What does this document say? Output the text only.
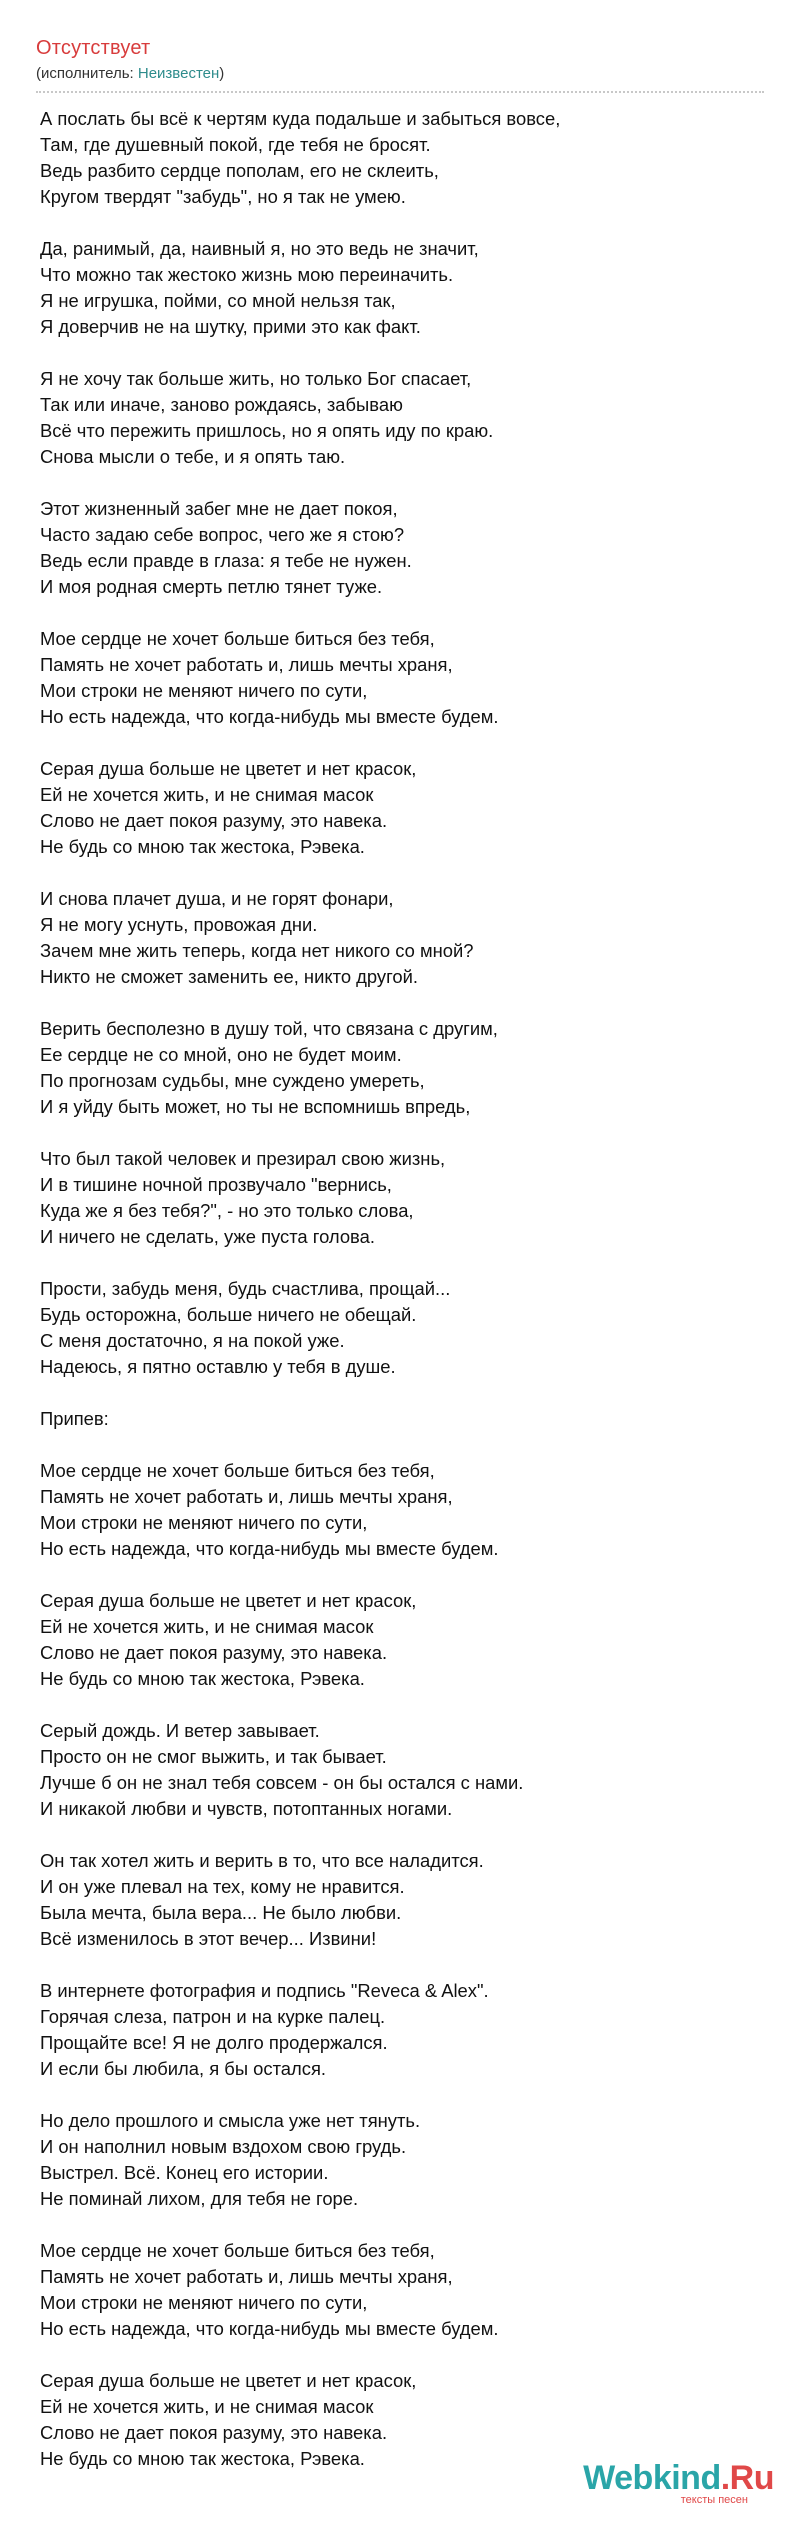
Отсутствует
(исполнитель: Неизвестен)

А послать бы всё к чертям куда подальше и забыться вовсе,
Там, где душевный покой, где тебя не бросят.
Ведь разбито сердце пополам, его не склеить,
Кругом твердят "забудь", но я так не умею.

Да, ранимый, да, наивный я, но это ведь не значит,
Что можно так жестоко жизнь мою переиначить.
Я не игрушка, пойми, со мной нельзя так,
Я доверчив не на шутку, прими это как факт.

Я не хочу так больше жить, но только Бог спасает,
Так или иначе, заново рождаясь, забываю
Всё что пережить пришлось, но я опять иду по краю.
Снова мысли о тебе, и я опять таю.

Этот жизненный забег мне не дает покоя,
Часто задаю себе вопрос, чего же я стою?
Ведь если правде в глаза: я тебе не нужен.
И моя родная смерть петлю тянет туже.

Мое сердце не хочет больше биться без тебя,
Память не хочет работать и, лишь мечты храня,
Мои строки не меняют ничего по сути,
Но есть надежда, что когда-нибудь мы вместе будем.

Серая душа больше не цветет и нет красок,
Ей не хочется жить, и не снимая масок
Слово не дает покоя разуму, это навека.
Не будь со мною так жестока, Рэвека.

И снова плачет душа, и не горят фонари,
Я не могу уснуть, провожая дни.
Зачем мне жить теперь, когда нет никого со мной?
Никто не сможет заменить ее, никто другой.

Верить бесполезно в душу той, что связана с другим,
Ее сердце не со мной, оно не будет моим.
По прогнозам судьбы, мне суждено умереть,
И я уйду быть может, но ты не вспомнишь впредь,

Что был такой человек и презирал свою жизнь,
И в тишине ночной прозвучало "вернись,
Куда же я без тебя?", - но это только слова,
И ничего не сделать, уже пуста голова.

Прости, забудь меня, будь счастлива, прощай...
Будь осторожна, больше ничего не обещай.
С меня достаточно, я на покой уже.
Надеюсь, я пятно оставлю у тебя в душе.

Припев:

Мое сердце не хочет больше биться без тебя,
Память не хочет работать и, лишь мечты храня,
Мои строки не меняют ничего по сути,
Но есть надежда, что когда-нибудь мы вместе будем.

Серая душа больше не цветет и нет красок,
Ей не хочется жить, и не снимая масок
Слово не дает покоя разуму, это навека.
Не будь со мною так жестока, Рэвека.

Серый дождь. И ветер завывает.
Просто он не смог выжить, и так бывает.
Лучше б он не знал тебя совсем - он бы остался с нами.
И никакой любви и чувств, потоптанных ногами.

Он так хотел жить и верить в то, что все наладится.
И он уже плевал на тех, кому не нравится.
Была мечта, была вера... Не было любви.
Всё изменилось в этот вечер... Извини!

В интернете фотография и подпись "Reveca & Alex".
Горячая слеза, патрон и на курке палец.
Прощайте все! Я не долго продержался.
И если бы любила, я бы остался.

Но дело прошлого и смысла уже нет тянуть.
И он наполнил новым вздохом свою грудь.
Выстрел. Всё. Конец его истории.
Не поминай лихом, для тебя не горе.

Мое сердце не хочет больше биться без тебя,
Память не хочет работать и, лишь мечты храня,
Мои строки не меняют ничего по сути,
Но есть надежда, что когда-нибудь мы вместе будем.

Серая душа больше не цветет и нет красок,
Ей не хочется жить, и не снимая масок
Слово не дает покоя разуму, это навека.
Не будь со мною так жестока, Рэвека.

Webkind.Ru
тексты песен
